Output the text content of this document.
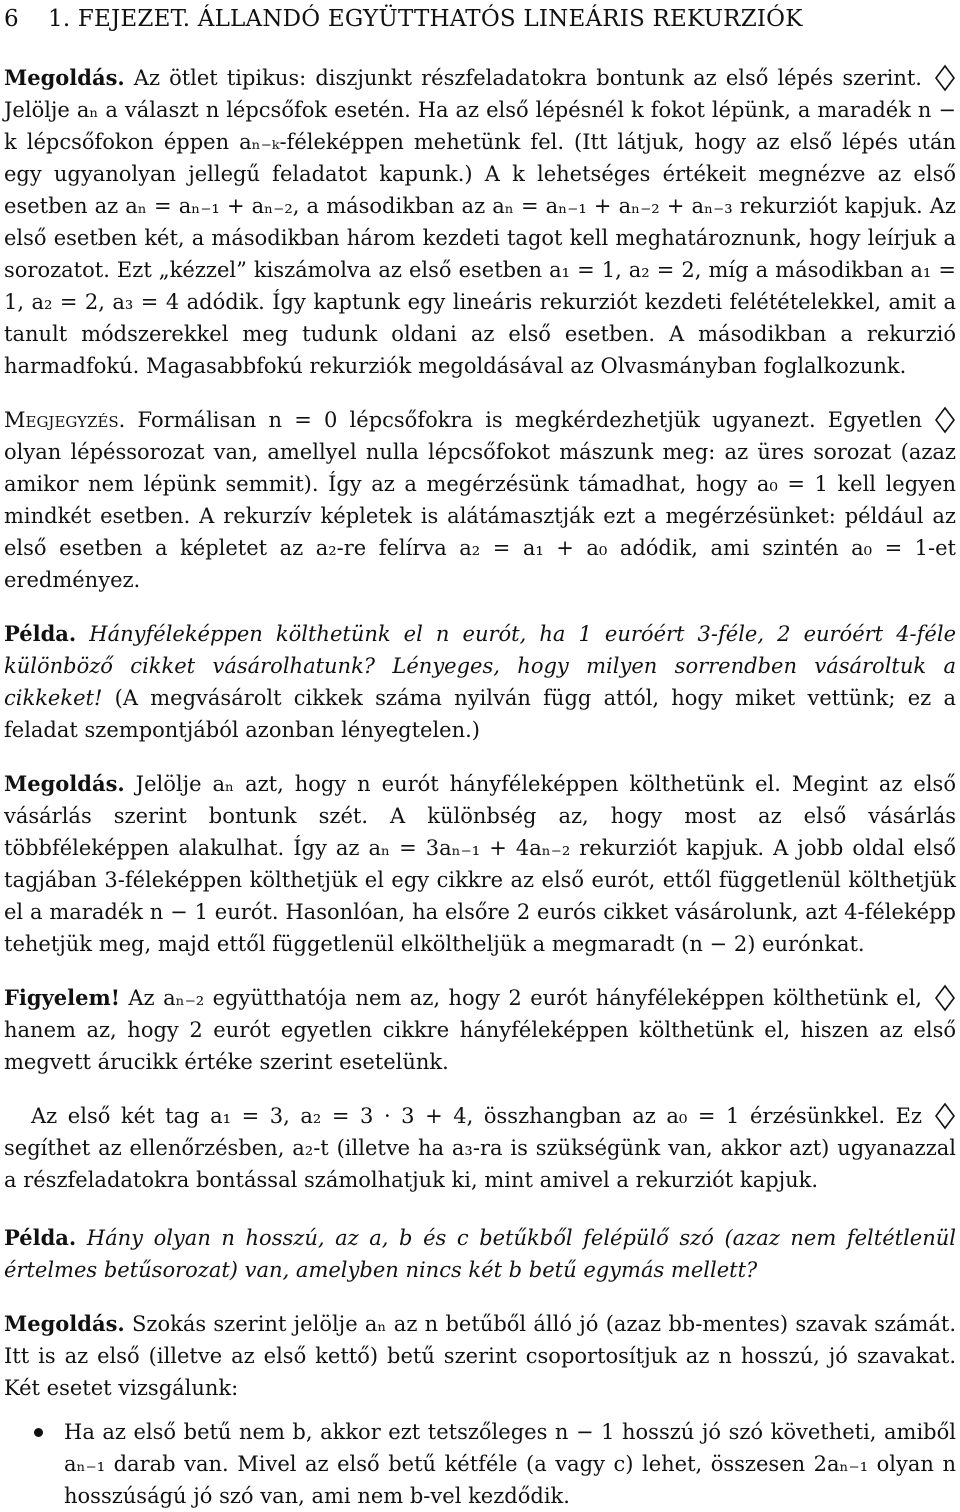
6 1. FEJEZET. ÁLLANDÓ EGYÜTTHATÓS LINEÁRIS REKURZIÓK

Megoldás. Az ötlet tipikus: diszjunkt részfeladatokra bontunk az első lépés szerint. Jelölje aₙ a választ n lépcsőfok esetén. Ha az első lépésnél k fokot lépünk, a maradék n − k lépcsőfokon éppen aₙ₋ₖ-féleképpen mehetünk fel. (Itt látjuk, hogy az első lépés után egy ugyanolyan jellegű feladatot kapunk.) A k lehetséges értékeit megnézve az első esetben az aₙ = aₙ₋₁ + aₙ₋₂, a másodikban az aₙ = aₙ₋₁ + aₙ₋₂ + aₙ₋₃ rekurziót kapjuk. Az első esetben két, a másodikban három kezdeti tagot kell meghatároznunk, hogy leírjuk a sorozatot. Ezt „kézzel” kiszámolva az első esetben a₁ = 1, a₂ = 2, míg a másodikban a₁ = 1, a₂ = 2, a₃ = 4 adódik. Így kaptunk egy lineáris rekurziót kezdeti felétételekkel, amit a tanult módszerekkel meg tudunk oldani az első esetben. A másodikban a rekurzió harmadfokú. Magasabbfokú rekurziók megoldásával az Olvasmányban foglalkozunk.

Megjegyzés. Formálisan n = 0 lépcsőfokra is megkérdezhetjük ugyanezt. Egyetlen olyan lépéssorozat van, amellyel nulla lépcsőfokot mászunk meg: az üres sorozat (azaz amikor nem lépünk semmit). Így az a megérzésünk támadhat, hogy a₀ = 1 kell legyen mindkét esetben. A rekurzív képletek is alátámasztják ezt a megérzésünket: például az első esetben a képletet az a₂-re felírva a₂ = a₁ + a₀ adódik, ami szintén a₀ = 1-et eredményez.

Példa. Hányféleképpen költhetünk el n eurót, ha 1 euróért 3-féle, 2 euróért 4-féle különböző cikket vásárolhatunk? Lényeges, hogy milyen sorrendben vásároltuk a cikkeket! (A megvásárolt cikkek száma nyilván függ attól, hogy miket vettünk; ez a feladat szempontjából azonban lényegtelen.)

Megoldás. Jelölje aₙ azt, hogy n eurót hányféleképpen költhetünk el. Megint az első vásárlás szerint bontunk szét. A különbség az, hogy most az első vásárlás többféleképpen alakulhat. Így az aₙ = 3aₙ₋₁ + 4aₙ₋₂ rekurziót kapjuk. A jobb oldal első tagjában 3-féleképpen költhetjük el egy cikkre az első eurót, ettől függetlenül költhetjük el a maradék n − 1 eurót. Hasonlóan, ha elsőre 2 eurós cikket vásárolunk, azt 4-féleképp tehetjük meg, majd ettől függetlenül elköltheljük a megmaradt (n − 2) eurónkat.

Figyelem! Az aₙ₋₂ együtthatója nem az, hogy 2 eurót hányféleképpen költhetünk el, hanem az, hogy 2 eurót egyetlen cikkre hányféleképpen költhetünk el, hiszen az első megvett árucikk értéke szerint esetelünk.

Az első két tag a₁ = 3, a₂ = 3 · 3 + 4, összhangban az a₀ = 1 érzésünkkel. Ez segíthet az ellenőrzésben, a₂-t (illetve ha a₃-ra is szükségünk van, akkor azt) ugyanazzal a részfeladatokra bontással számolhatjuk ki, mint amivel a rekurziót kapjuk.

Példa. Hány olyan n hosszú, az a, b és c betűkből felépülő szó (azaz nem feltétlenül értelmes betűsorozat) van, amelyben nincs két b betű egymás mellett?

Megoldás. Szokás szerint jelölje aₙ az n betűből álló jó (azaz bb-mentes) szavak számát. Itt is az első (illetve az első kettő) betű szerint csoportosítjuk az n hosszú, jó szavakat. Két esetet vizsgálunk:

Ha az első betű nem b, akkor ezt tetszőleges n − 1 hosszú jó szó követheti, amiből aₙ₋₁ darab van. Mivel az első betű kétféle (a vagy c) lehet, összesen 2aₙ₋₁ olyan n hosszúságú jó szó van, ami nem b-vel kezdődik.
